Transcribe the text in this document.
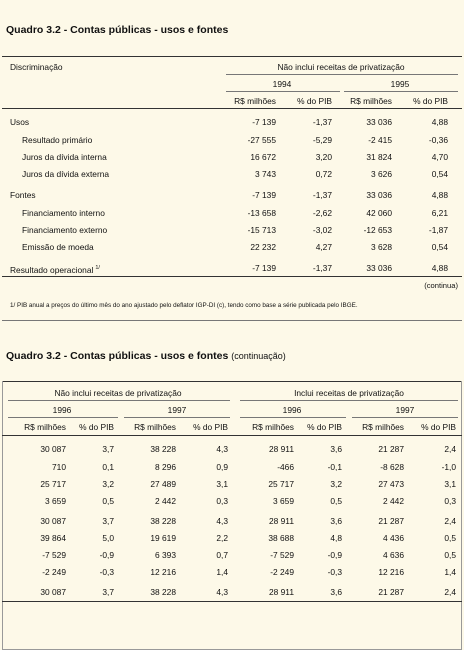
Quadro 3.2 - Contas públicas - usos e fontes
Discriminação	Não inclui receitas de privatização
1994	1995
R$ milhões	% do PIB	R$ milhões	% do PIB
Usos	-7 139	-1,37	33 036	4,88
Resultado primário	-27 555	-5,29	-2 415	-0,36
Juros da dívida interna	16 672	3,20	31 824	4,70
Juros da dívida externa	3 743	0,72	3 626	0,54
Fontes	-7 139	-1,37	33 036	4,88
Financiamento interno	-13 658	-2,62	42 060	6,21
Financiamento externo	-15 713	-3,02	-12 653	-1,87
Emissão de moeda	22 232	4,27	3 628	0,54
Resultado operacional $^{1/}$	-7 139	-1,37	33 036	4,88
(continua)
1/ PIB anual a preços do último mês do ano ajustado pelo deflator IGP-DI (c), tendo como base a série publicada pelo IBGE.
Quadro 3.2 - Contas públicas - usos e fontes (continuação)
Não inclui receitas de privatização	Inclui receitas de privatização
1996	1997	1996	1997
R$ milhões	% do PIB	R$ milhões	% do PIB	R$ milhões	% do PIB	R$ milhões	% do PIB
30 087	3,7	38 228	4,3	28 911	3,6	21 287	2,4
710	0,1	8 296	0,9	-466	-0,1	-8 628	-1,0
25 717	3,2	27 489	3,1	25 717	3,2	27 473	3,1
3 659	0,5	2 442	0,3	3 659	0,5	2 442	0,3
30 087	3,7	38 228	4,3	28 911	3,6	21 287	2,4
39 864	5,0	19 619	2,2	38 688	4,8	4 436	0,5
-7 529	-0,9	6 393	0,7	-7 529	-0,9	4 636	0,5
-2 249	-0,3	12 216	1,4	-2 249	-0,3	12 216	1,4
30 087	3,7	38 228	4,3	28 911	3,6	21 287	2,4
